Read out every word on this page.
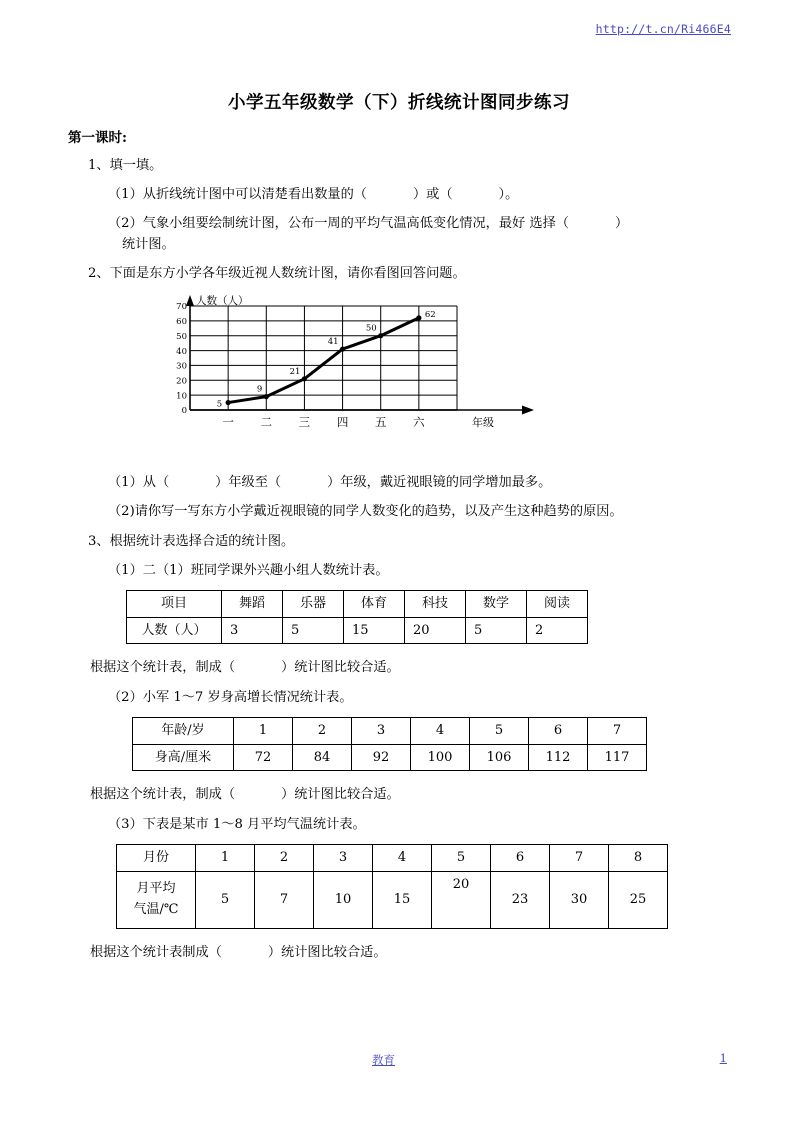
http://t.cn/Ri466E4
小学五年级数学（下）折线统计图同步练习
第一课时:
1、填一填。
（1）从折线统计图中可以清楚看出数量的（	）或（	）。
（2）气象小组要绘制统计图，公布一周的平均气温高低变化情况，最好 选择（	）
统计图。
2、下面是东方小学各年级近视人数统计图，请你看图回答问题。
人数（人）
0
10
20
30
40
50
60
70
一 二 三 四 五 六
5
9
21
41
50
62
年级
（1）从（	）年级至（	）年级，戴近视眼镜的同学增加最多。
（2)请你写一写东方小学戴近视眼镜的同学人数变化的趋势，以及产生这种趋势的原因。
3、根据统计表选择合适的统计图。
（1）二（1）班同学课外兴趣小组人数统计表。
项目	舞蹈	乐器	体育	科技	数学	阅读
人数（人）	3	5	15	20	5	2
根据这个统计表，制成（	）统计图比较合适。
（2）小军 1～7 岁身高增长情况统计表。
年龄/岁	1	2	3	4	5	6	7
身高/厘米	72	84	92	100	106	112	117
根据这个统计表，制成（	）统计图比较合适。
（3）下表是某市 1～8 月平均气温统计表。
月份	1	2	3	4	5	6	7	8
月平均
气温/℃	5	7	10	15	20	23	30	25
根据这个统计表制成（	）统计图比较合适。
教育	1
